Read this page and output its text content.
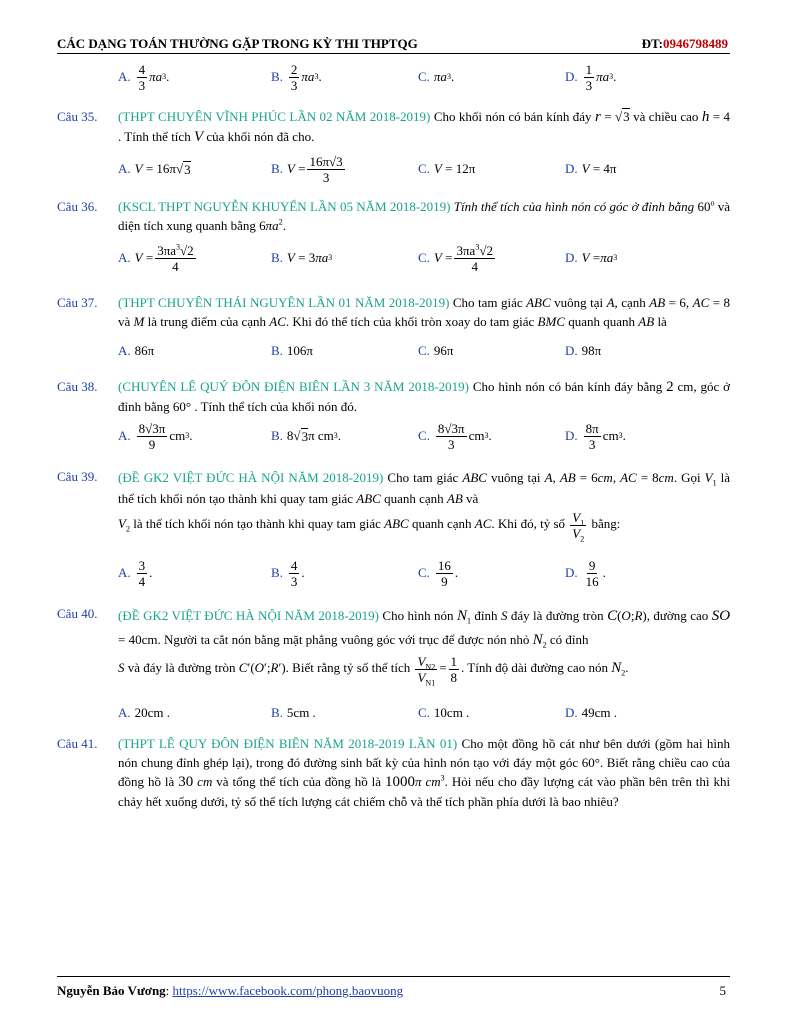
CÁC DẠNG TOÁN THƯỜNG GẶP TRONG KỲ THI THPTQG	ĐT:0946798489
A. $\frac{4}{3}$ πa 3 .	B. $\frac{2}{3}$ πa 3 .	C. πa 3 .	D. $\frac{1}{3}$ πa 3 .
Câu 35. (THPT CHUYÊN VĨNH PHÚC LẦN 02 NĂM 2018-2019) Cho khối nón có bán kính đáy r = √3 và chiều cao h = 4 . Tính thể tích V của khối nón đã cho.
A. V = 16π√ 3	B. $V = \frac{16\pi√3}{3}$	C. V = 12π	D. V = 4π
Câu 36. (KSCL THPT NGUYỄN KHUYẾN LẦN 05 NĂM 2018-2019) Tính thể tích của hình nón có góc ở đỉnh bằng 60$^o$ và diện tích xung quanh bằng $6\pi a^2$.
A. $V = \frac{3\pi a^3√2}{4}$	B. V = 3 πa 3	C. $V = \frac{3\pi a^3√2}{4}$	D. V = πa 3
Câu 37. (THPT CHUYÊN THÁI NGUYÊN LẦN 01 NĂM 2018-2019) Cho tam giác ABC vuông tại A, cạnh AB = 6, AC = 8 và M là trung điểm của cạnh AC. Khi đó thể tích của khối tròn xoay do tam giác BMC quanh quanh AB là
A. 86π	B. 106π	C. 96π	D. 98π
Câu 38. (CHUYÊN LÊ QUÝ ĐÔN ĐIỆN BIÊN LẦN 3 NĂM 2018-2019) Cho hình nón có bán kính đáy bằng 2 cm, góc ở đỉnh bằng 60° . Tính thể tích của khối nón đó.
A. $\frac{8√3\pi}{9}$ cm 3 .	B. 8√ 3 π cm 3 .	C. $\frac{8√3\pi}{3}$ cm 3 .	D. $\frac{8\pi}{3}$ cm 3 .
Câu 39. (ĐỀ GK2 VIỆT ĐỨC HÀ NỘI NĂM 2018-2019) Cho tam giác ABC vuông tại A, AB = 6cm, AC = 8cm. Gọi $V_1$ là thể tích khối nón tạo thành khi quay tam giác ABC quanh cạnh AB và
$V_2$ là thể tích khối nón tạo thành khi quay tam giác ABC quanh cạnh AC. Khi đó, tỷ số $\frac{V_1}{V_2}$ bằng:
A. $\frac{3}{4}$ .	B. $\frac{4}{3}$ .	C. $\frac{16}{9}$ .	D. $\frac{9}{16}$ .
Câu 40. (ĐỀ GK2 VIỆT ĐỨC HÀ NỘI NĂM 2018-2019) Cho hình nón $N_1$ đỉnh S đáy là đường tròn C(O;R), đường cao SO = 40cm. Người ta cắt nón bằng mặt phẳng vuông góc với trục để được nón nhỏ $N_2$ có đỉnh
S và đáy là đường tròn C′(O′;R′). Biết rằng tỷ số thể tích $\frac{V_{N2}}{V_{N1}} = \frac{1}{8}$ . Tính độ dài đường cao nón $N_2$.
A. 20cm .	B. 5cm .	C. 10cm .	D. 49cm .
Câu 41. (THPT LÊ QUY ĐÔN ĐIỆN BIÊN NĂM 2018-2019 LẦN 01) Cho một đồng hồ cát như bên dưới (gồm hai hình nón chung đỉnh ghép lại), trong đó đường sinh bất kỳ của hình nón tạo với đáy một góc 60°. Biết rằng chiều cao của đồng hồ là 30 cm và tổng thể tích của đồng hồ là 1000π $cm^3$. Hỏi nếu cho đầy lượng cát vào phần bên trên thì khi chảy hết xuống dưới, tỷ số thể tích lượng cát chiếm chỗ và thể tích phần phía dưới là bao nhiêu?
Nguyễn Bảo Vương: https://www.facebook.com/phong.baovuong	5
